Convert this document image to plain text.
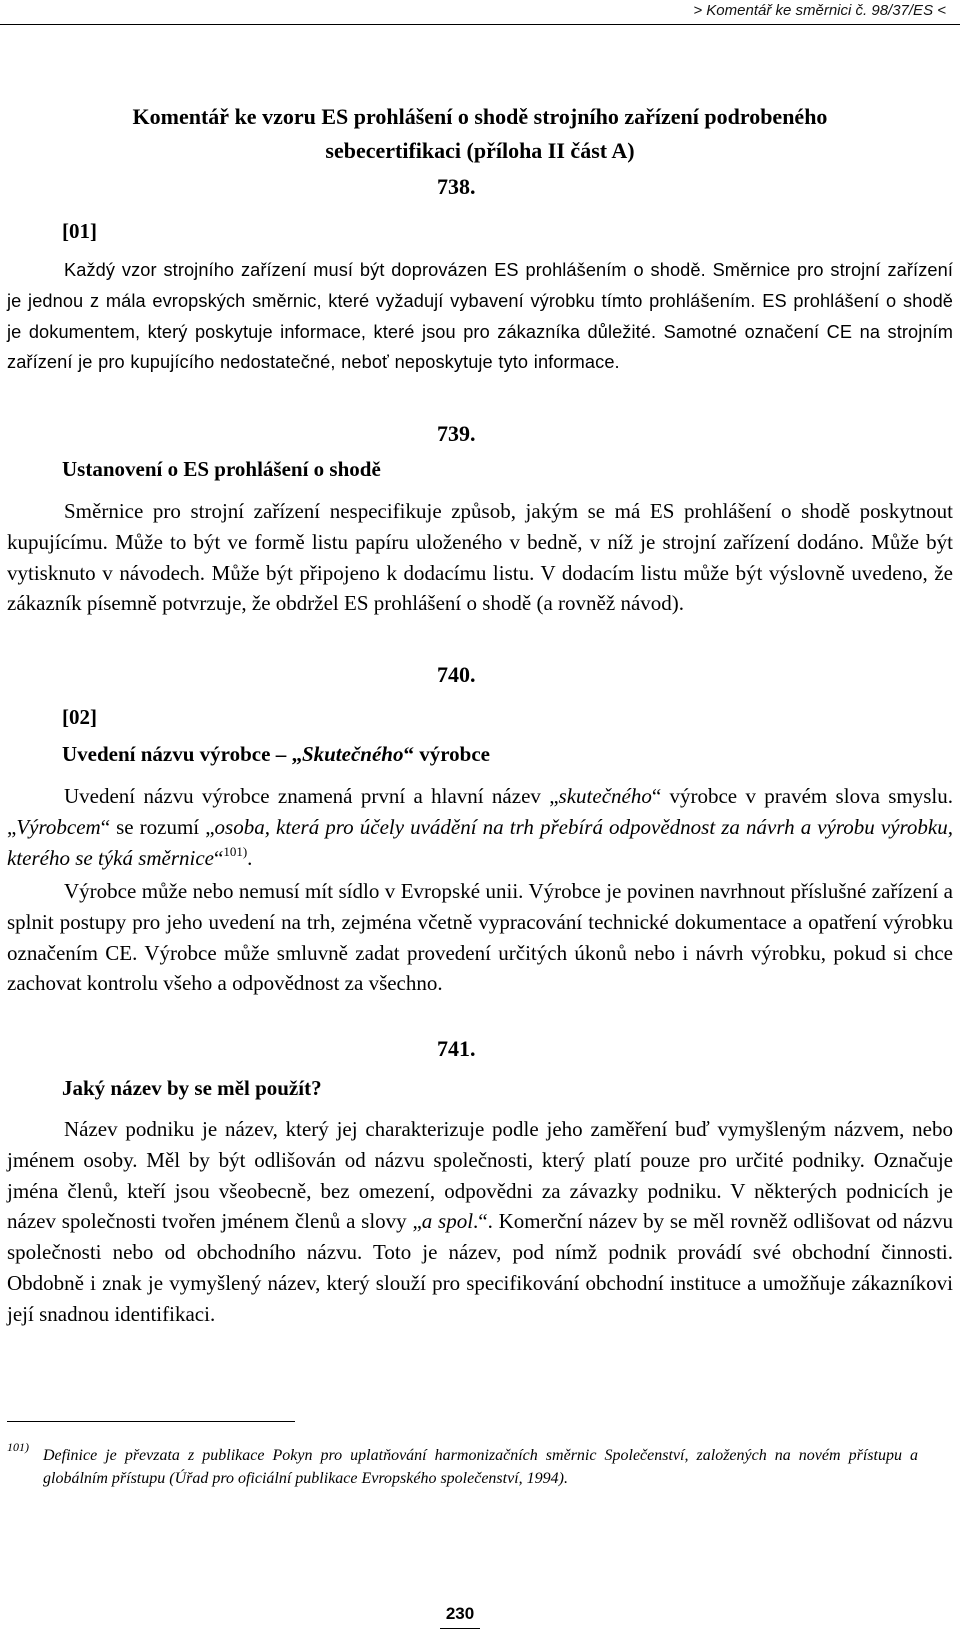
> Komentář ke směrnici č. 98/37/ES <
Komentář ke vzoru ES prohlášení o shodě strojního zařízení podrobeného
sebecertifikaci (příloha II část A)
738.
[01]
Každý vzor strojního zařízení musí být doprovázen ES prohlášením o shodě. Směrnice pro strojní zařízení je jednou z mála evropských směrnic, které vyžadují vybavení výrobku tímto prohlášením. ES prohlášení o shodě je dokumentem, který poskytuje informace, které jsou pro zákazníka důležité. Samotné označení CE na strojním zařízení je pro kupujícího nedostatečné, neboť neposkytuje tyto informace.
739.
Ustanovení o ES prohlášení o shodě
Směrnice pro strojní zařízení nespecifikuje způsob, jakým se má ES prohlášení o shodě poskytnout kupujícímu. Může to být ve formě listu papíru uloženého v bedně, v níž je strojní zařízení dodáno. Může být vytisknuto v návodech. Může být připojeno k dodacímu listu. V dodacím listu může být výslovně uvedeno, že zákazník písemně potvrzuje, že obdržel ES prohlášení o shodě (a rovněž návod).
740.
[02]
Uvedení názvu výrobce – „Skutečného“ výrobce
Uvedení názvu výrobce znamená první a hlavní název „skutečného“ výrobce v pravém slova smyslu. „Výrobcem“ se rozumí „osoba, která pro účely uvádění na trh přebírá odpovědnost za návrh a výrobu výrobku, kterého se týká směrnice“$^{101)}$.
Výrobce může nebo nemusí mít sídlo v Evropské unii. Výrobce je povinen navrhnout příslušné zařízení a splnit postupy pro jeho uvedení na trh, zejména včetně vypracování technické dokumentace a opatření výrobku označením CE. Výrobce může smluvně zadat provedení určitých úkonů nebo i návrh výrobku, pokud si chce zachovat kontrolu všeho a odpovědnost za všechno.
741.
Jaký název by se měl použít?
Název podniku je název, který jej charakterizuje podle jeho zaměření buď vymyšleným názvem, nebo jménem osoby. Měl by být odlišován od názvu společnosti, který platí pouze pro určité podniky. Označuje jména členů, kteří jsou všeobecně, bez omezení, odpovědni za závazky podniku. V některých podnicích je název společnosti tvořen jménem členů a slovy „a spol.“. Komerční název by se měl rovněž odlišovat od názvu společnosti nebo od obchodního názvu. Toto je název, pod nímž podnik provádí své obchodní činnosti. Obdobně i znak je vymyšlený název, který slouží pro specifikování obchodní instituce a umožňuje zákazníkovi její snadnou identifikaci.
101) Definice je převzata z publikace Pokyn pro uplatňování harmonizačních směrnic Společenství, založených na novém přístupu a globálním přístupu (Úřad pro oficiální publikace Evropského společenství, 1994).
230
